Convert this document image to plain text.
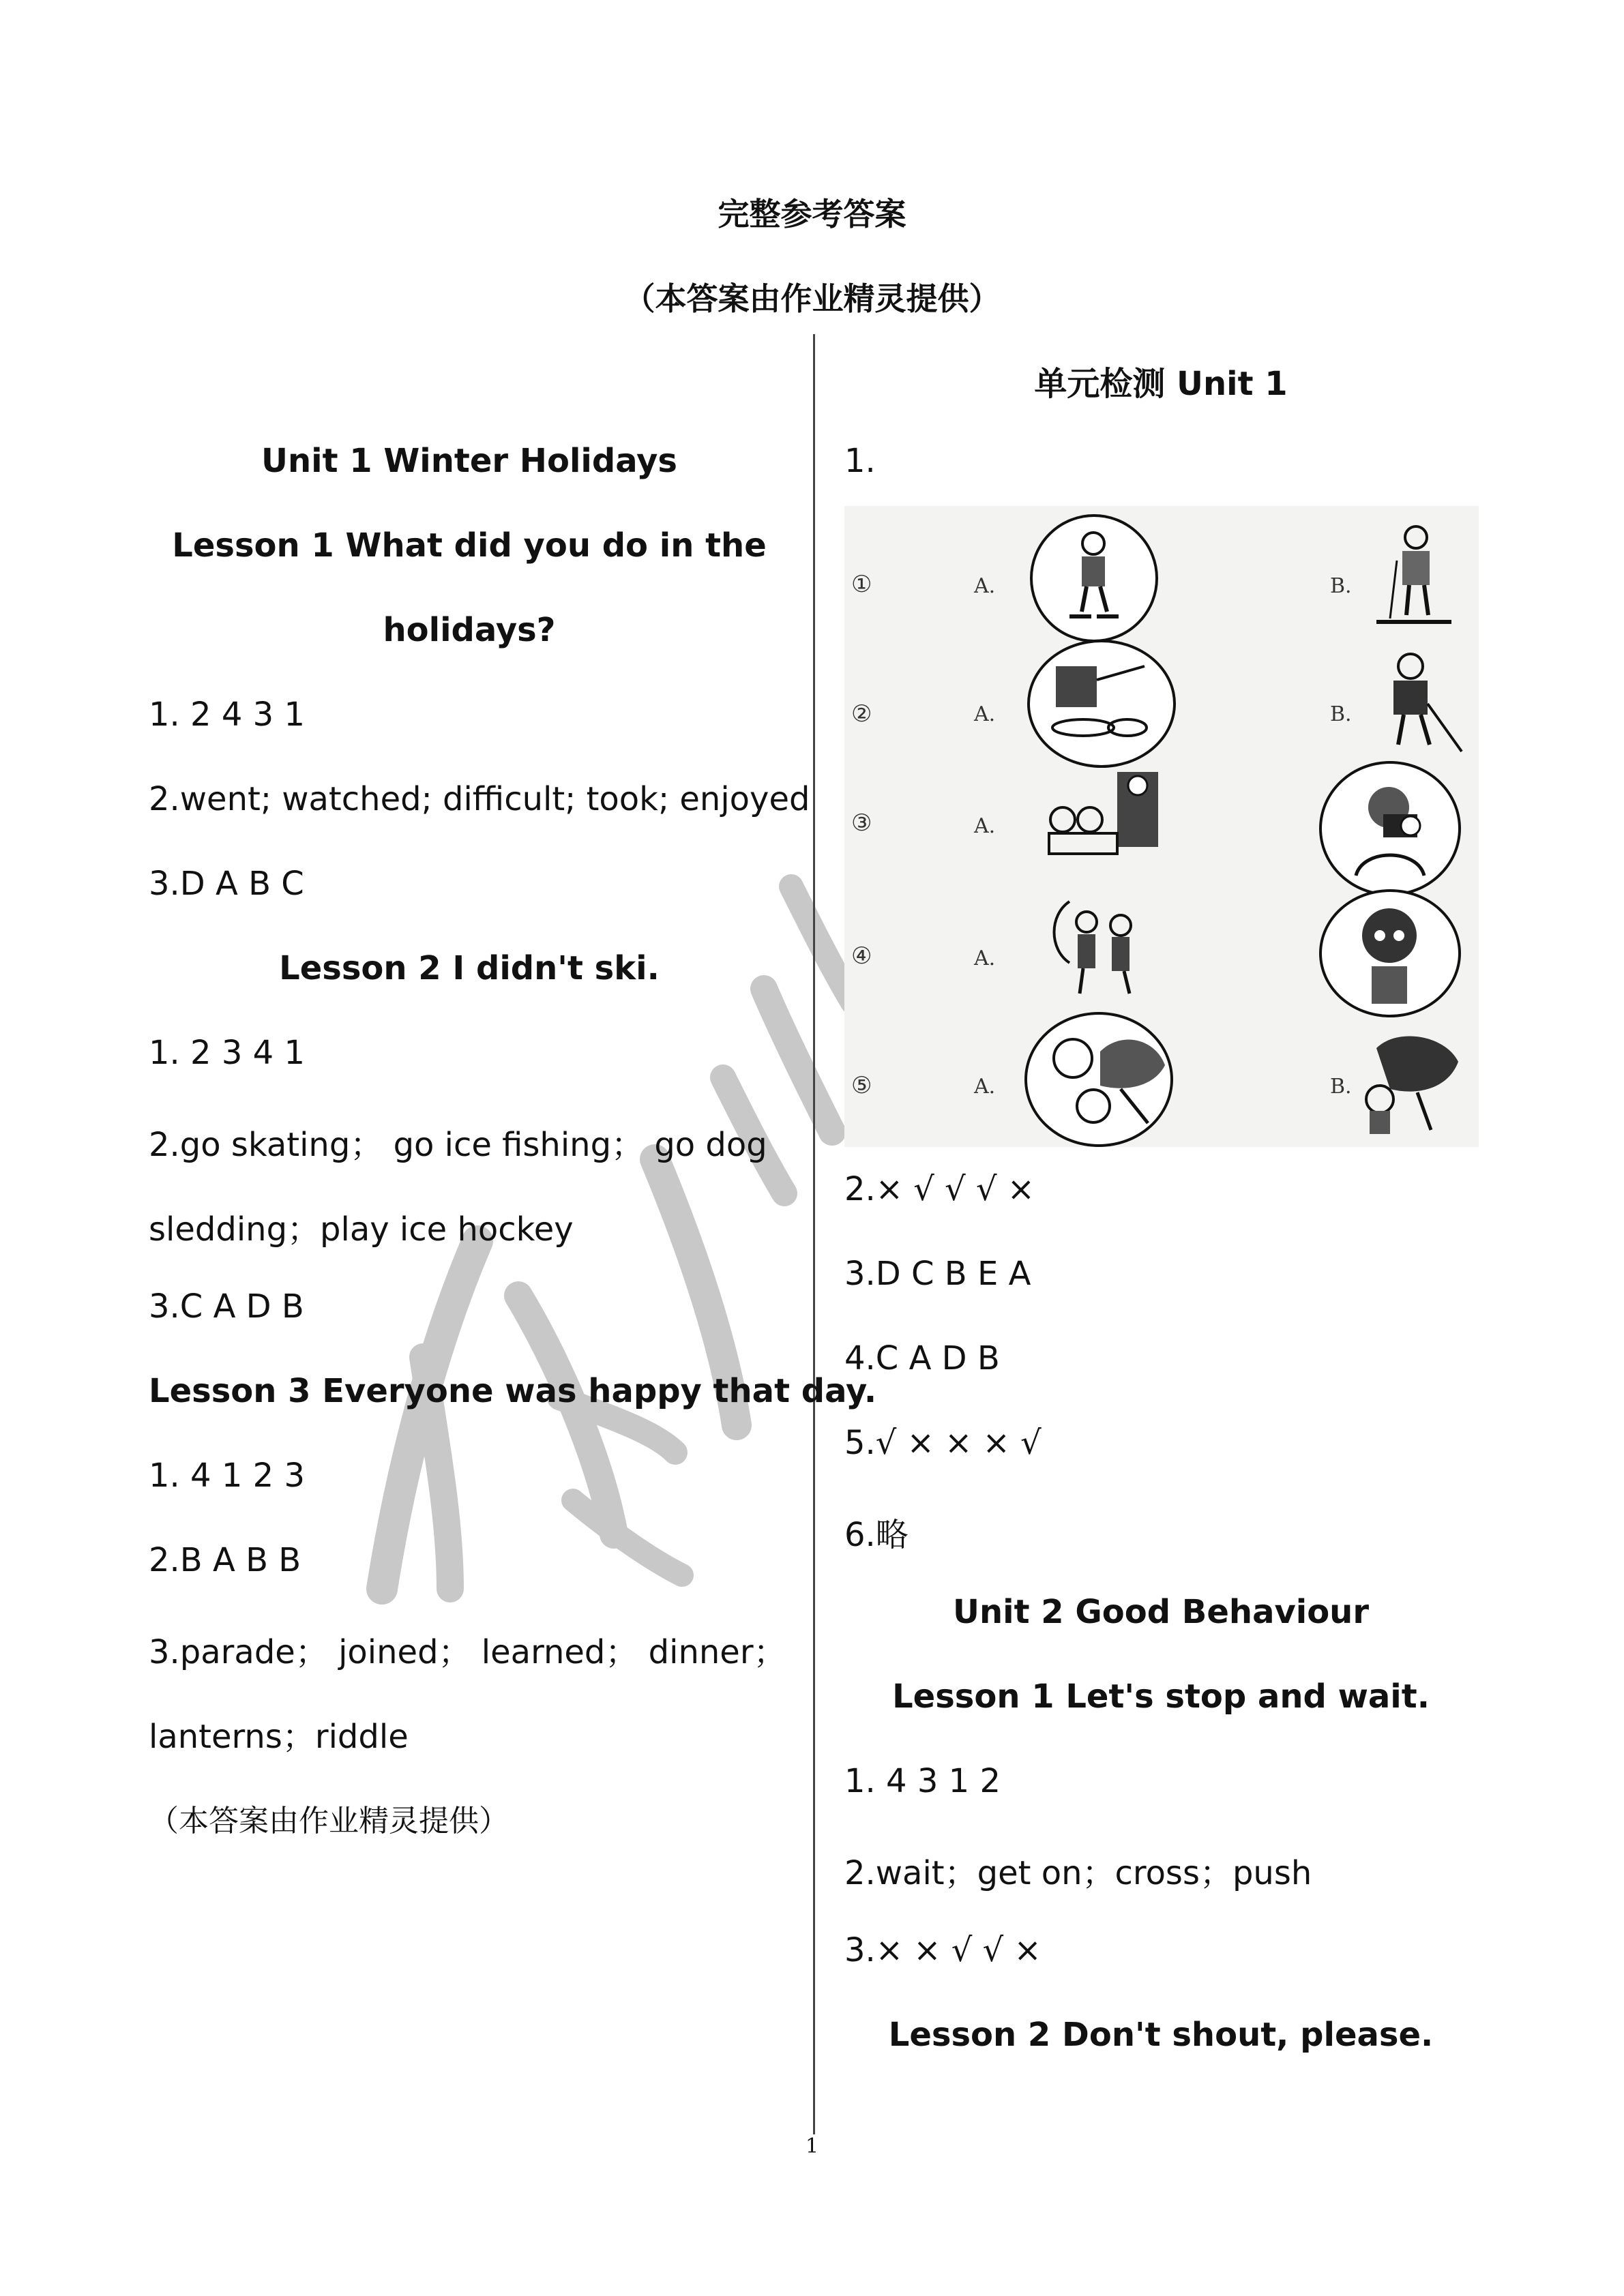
完整参考答案
（本答案由作业精灵提供）
Unit 1 Winter Holidays
Lesson 1 What did you do in the
holidays?
1. 2 4 3 1
2.went; watched; difficult; took; enjoyed
3.D A B C
Lesson 2 I didn't ski.
1. 2 3 4 1
2.go skating； go ice fishing； go dog
sledding；play ice hockey
3.C A D B
Lesson 3 Everyone was happy that day.
1. 4 1 2 3
2.B A B B
3.parade； joined； learned； dinner；
lanterns；riddle
（本答案由作业精灵提供）
单元检测 Unit 1
1.
①
②
③
④
⑤
A.
A.
A.
A.
A.
B.
B.
B.
2.× √ √ √ ×
3.D C B E A
4.C A D B
5.√ × × × √
6.略
Unit 2 Good Behaviour
Lesson 1 Let's stop and wait.
1. 4 3 1 2
2.wait；get on；cross；push
3.× × √ √ ×
Lesson 2 Don't shout, please.
1
